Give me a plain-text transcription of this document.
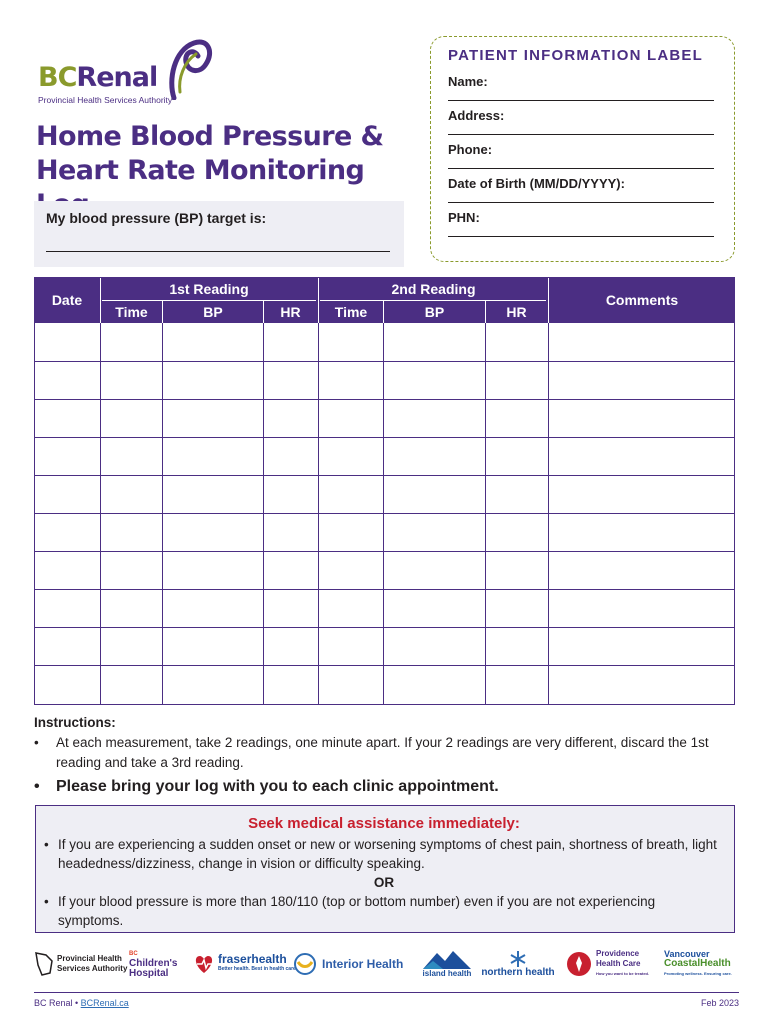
BCRenal
Provincial Health Services Authority
Home Blood Pressure &
Heart Rate Monitoring
My blood pressure (BP) target is:
PATIENT INFORMATION LABEL
Name:
Address:
Phone:
Date of Birth (MM/DD/YYYY):
PHN:
Date
1st Reading	2nd Reading
Time	BP	HR	Time	BP	HR
Comments
Instructions:
• At each measurement, take 2 readings, one minute apart. If your 2 readings are very different, discard the 1st reading and take a 3rd reading.
• Please bring your log with you to each clinic appointment.
Seek medical assistance immediately:
• If you are experiencing a sudden onset or new or worsening symptoms of chest pain, shortness of breath, light headedness/dizziness, change in vision or difficulty speaking.
OR
• If your blood pressure is more than 180/110 (top or bottom number) even if you are not experiencing symptoms.
Provincial Health
Services Authority
BC
Children's
Hospital
fraserhealth
Better health. Best in health care. Interior Health
island health northern health
Providence
Health Care
How you want to be treated.
Vancouver
CoastalHealth
Promoting wellness. Ensuring care.
BC Renal • BCRenal.ca	Feb 2023
